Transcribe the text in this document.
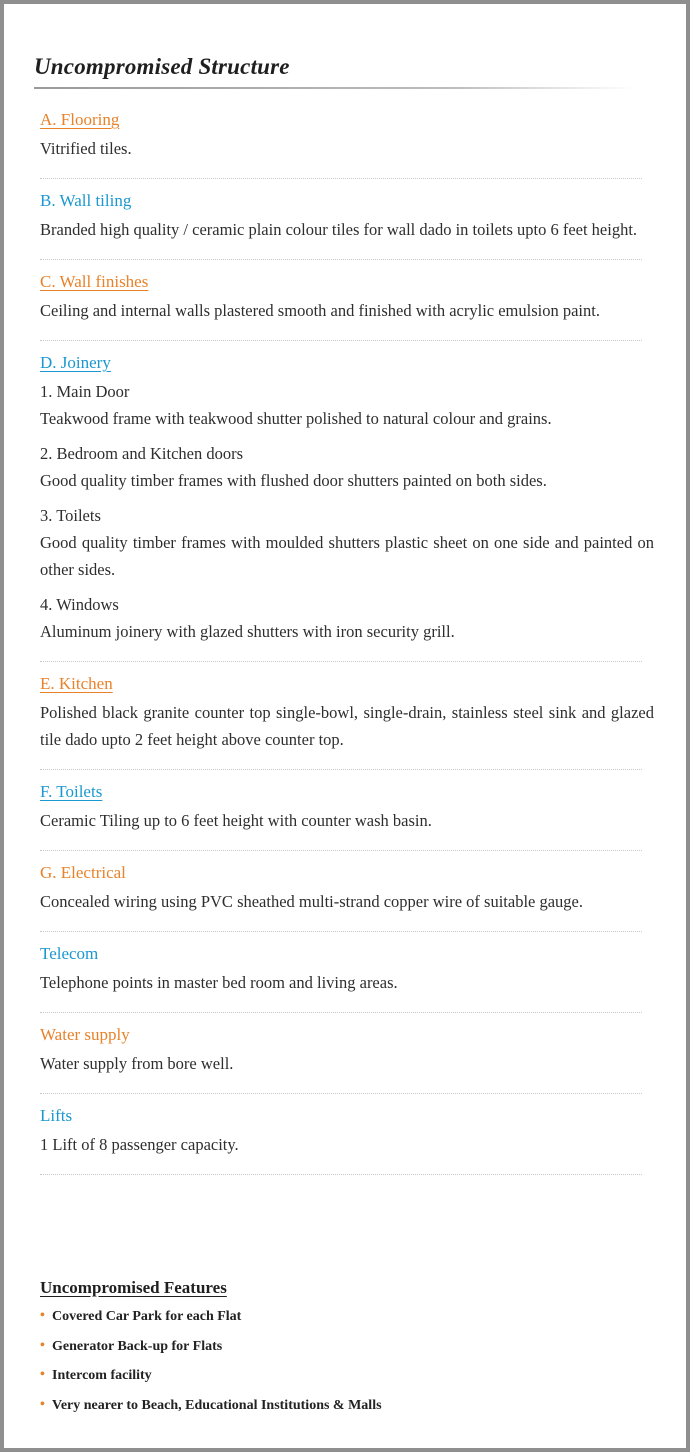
Uncompromised Structure
A. Flooring
Vitrified tiles.
B. Wall tiling
Branded high quality / ceramic plain colour tiles for wall dado in toilets upto 6 feet height.
C. Wall finishes
Ceiling and internal walls plastered smooth and finished with acrylic emulsion paint.
D. Joinery
1. Main Door
Teakwood frame with teakwood shutter polished to natural colour and grains.
2. Bedroom and Kitchen doors
Good quality timber frames with flushed door shutters painted on both sides.
3. Toilets
Good quality timber frames with moulded shutters plastic sheet on one side and painted on other sides.
4. Windows
Aluminum joinery with glazed shutters with iron security grill.
E. Kitchen
Polished black granite counter top single-bowl, single-drain, stainless steel sink and glazed tile dado upto 2 feet height above counter top.
F. Toilets
Ceramic Tiling up to 6 feet height with counter wash basin.
G. Electrical
Concealed wiring using PVC sheathed multi-strand copper wire of suitable gauge.
Telecom
Telephone points in master bed room and living areas.
Water supply
Water supply from bore well.
Lifts
1 Lift of 8 passenger capacity.
Uncompromised Features
• Covered Car Park for each Flat
• Generator Back-up for Flats
• Intercom facility
• Very nearer to Beach, Educational Institutions & Malls
